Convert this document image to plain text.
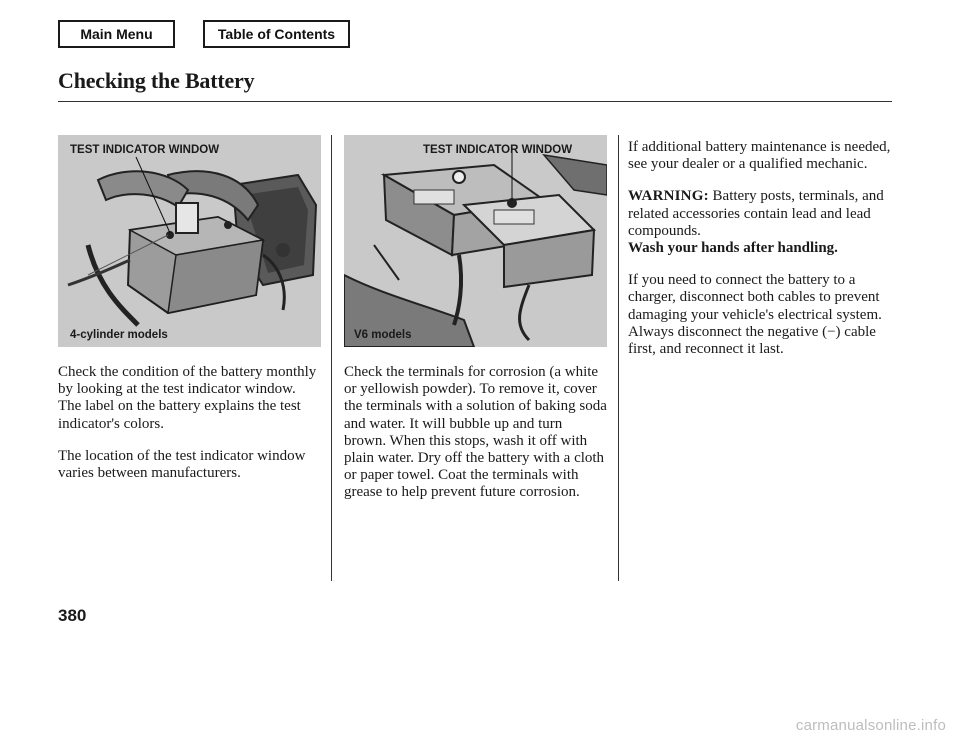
Main Menu	Table of Contents
Checking the Battery
TEST INDICATOR WINDOW
4-cylinder models
TEST INDICATOR WINDOW
V6 models

Check the condition of the battery monthly by looking at the test indicator window. The label on the battery explains the test indicator's colors.

The location of the test indicator window varies between manufacturers.

Check the terminals for corrosion (a white or yellowish powder). To remove it, cover the terminals with a solution of baking soda and water. It will bubble up and turn brown. When this stops, wash it off with plain water. Dry off the battery with a cloth or paper towel. Coat the terminals with grease to help prevent future corrosion.

If additional battery maintenance is needed, see your dealer or a qualified mechanic.

WARNING: Battery posts, terminals, and related accessories contain lead and lead compounds.
Wash your hands after handling.

If you need to connect the battery to a charger, disconnect both cables to prevent damaging your vehicle's electrical system. Always disconnect the negative (−) cable first, and reconnect it last.

380
carmanualsonline.info
